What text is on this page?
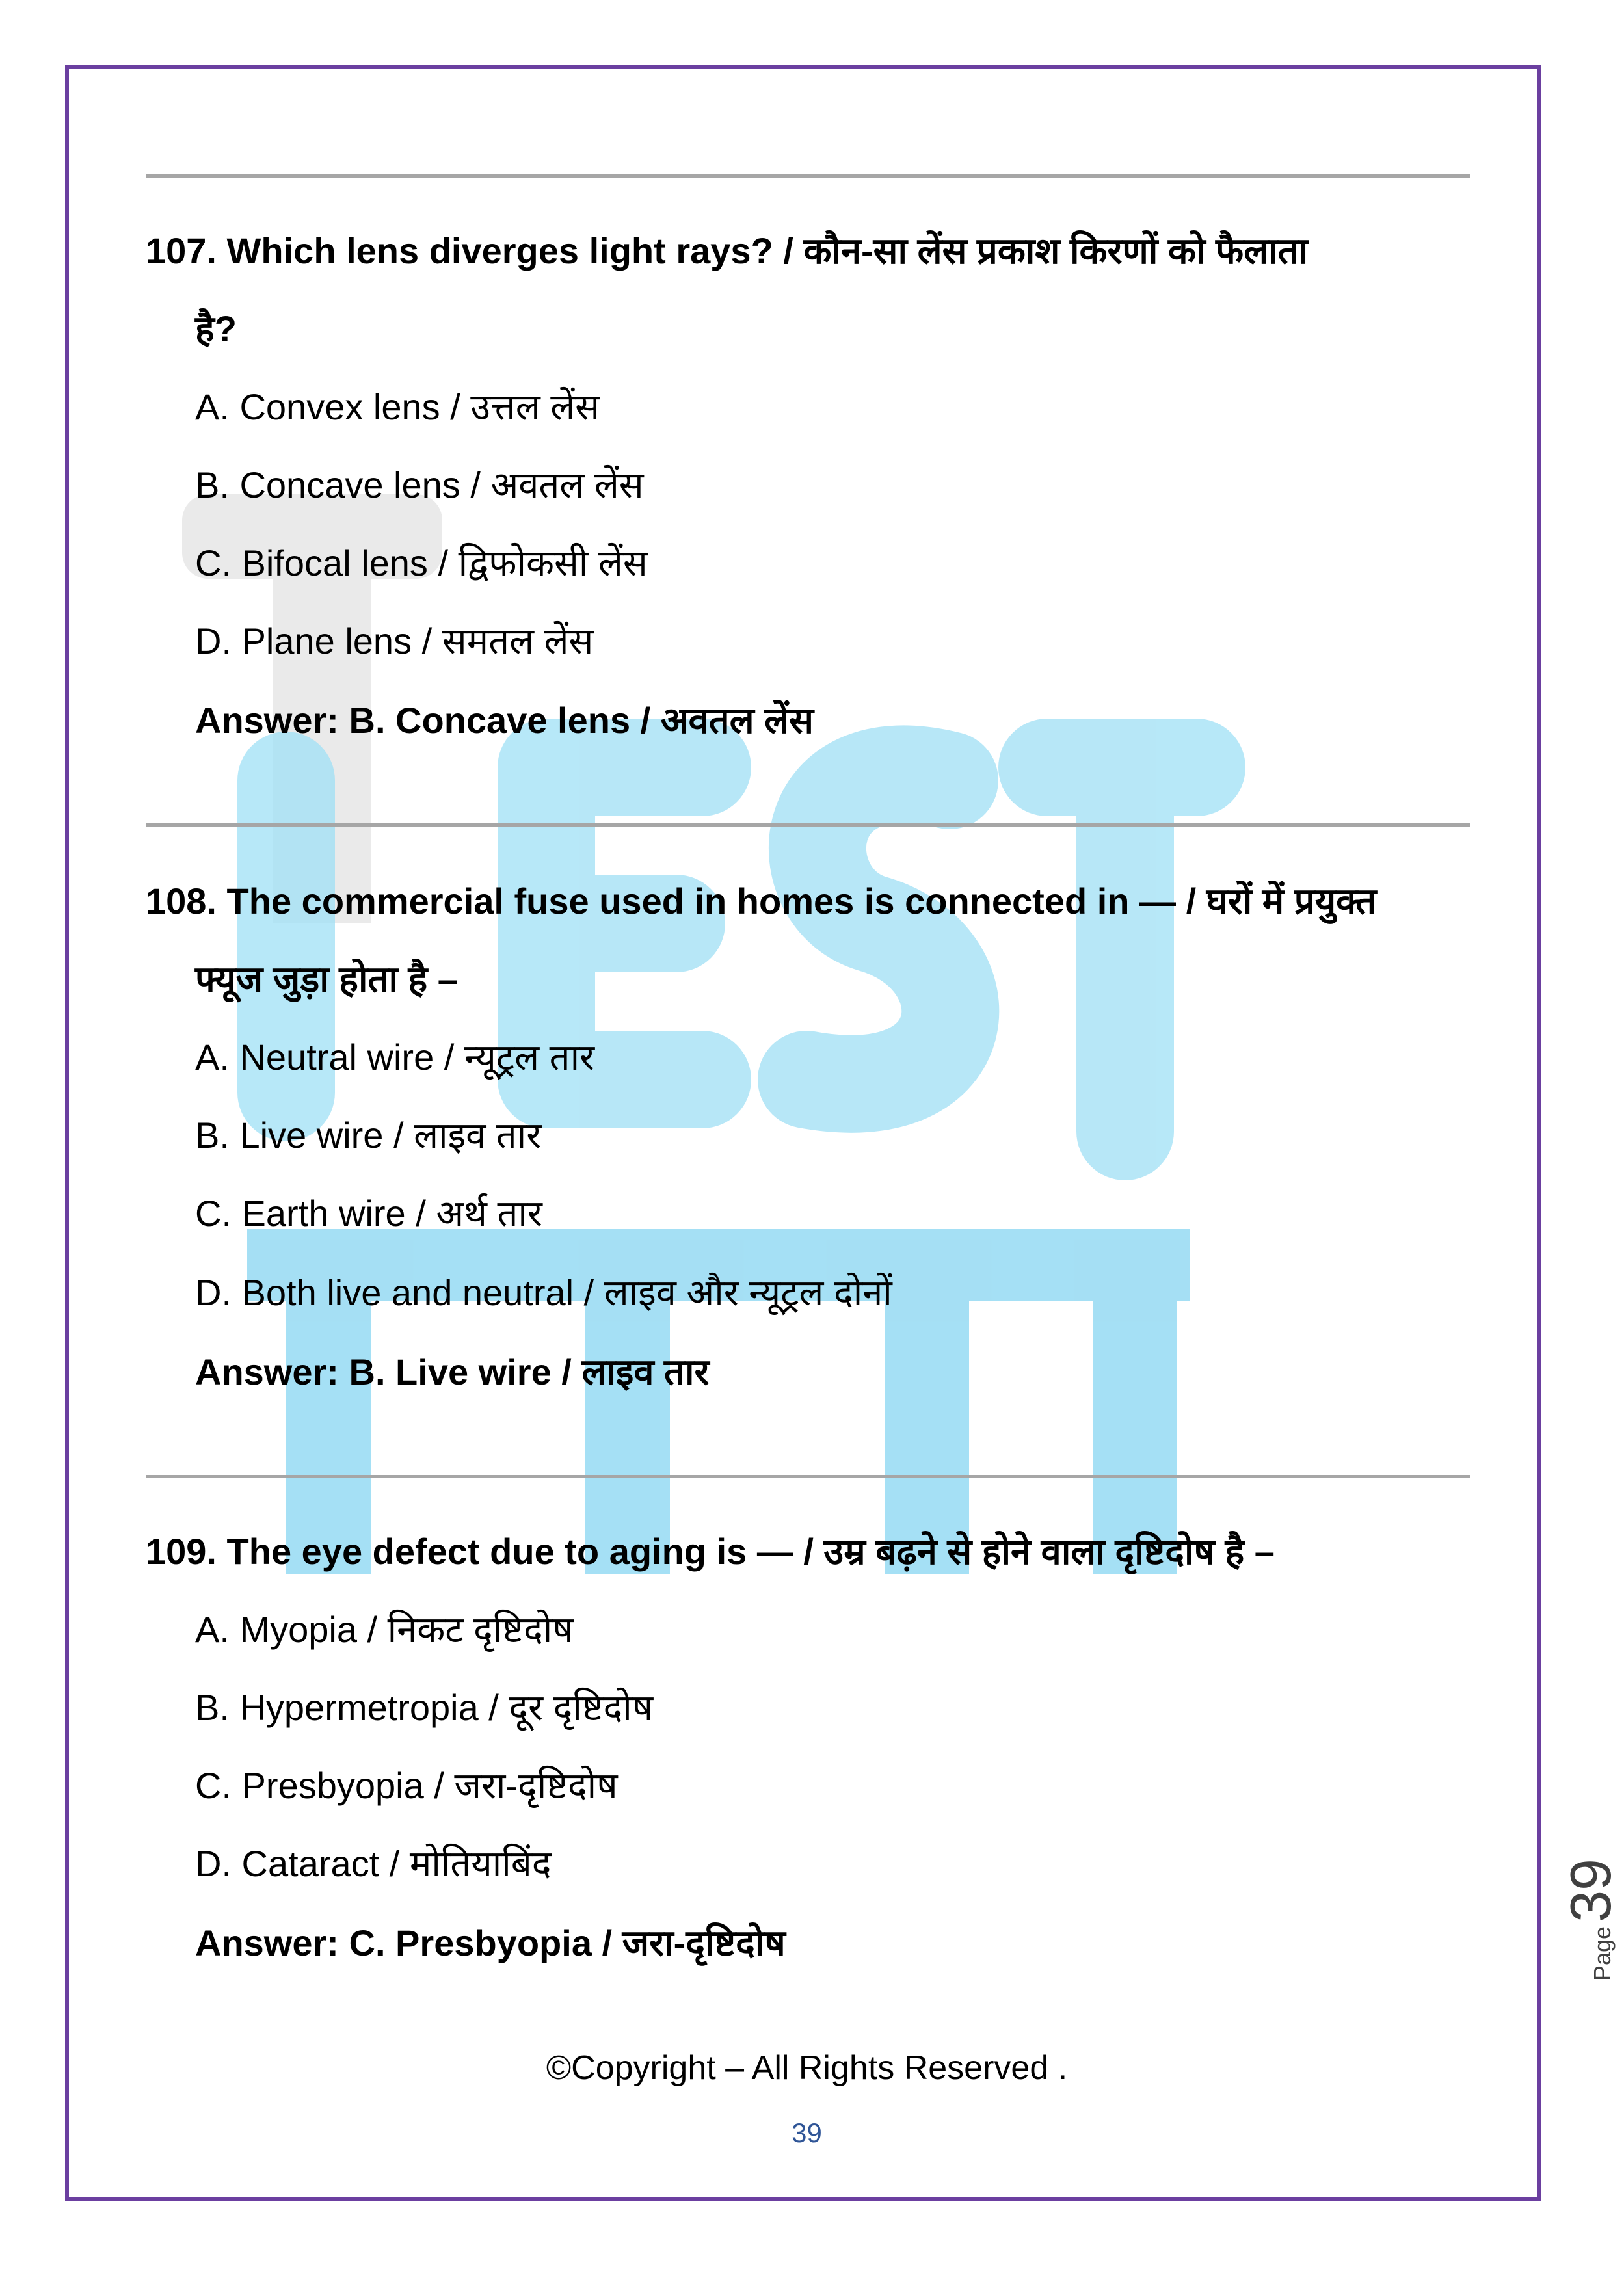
107. Which lens diverges light rays? / कौन-सा लेंस प्रकाश किरणों को फैलाता
है?

A. Convex lens / उत्तल लेंस
B. Concave lens / अवतल लेंस
C. Bifocal lens / द्विफोकसी लेंस
D. Plane lens / समतल लेंस
Answer: B. Concave lens / अवतल लेंस

108. The commercial fuse used in homes is connected in — / घरों में प्रयुक्त
फ्यूज जुड़ा होता है –

A. Neutral wire / न्यूट्रल तार
B. Live wire / लाइव तार
C. Earth wire / अर्थ तार
D. Both live and neutral / लाइव और न्यूट्रल दोनों
Answer: B. Live wire / लाइव तार

109. The eye defect due to aging is — / उम्र बढ़ने से होने वाला दृष्टिदोष है –

A. Myopia / निकट दृष्टिदोष
B. Hypermetropia / दूर दृष्टिदोष
C. Presbyopia / जरा-दृष्टिदोष
D. Cataract / मोतियाबिंद
Answer: C. Presbyopia / जरा-दृष्टिदोष	Page39
©Copyright – All Rights Reserved .
39
